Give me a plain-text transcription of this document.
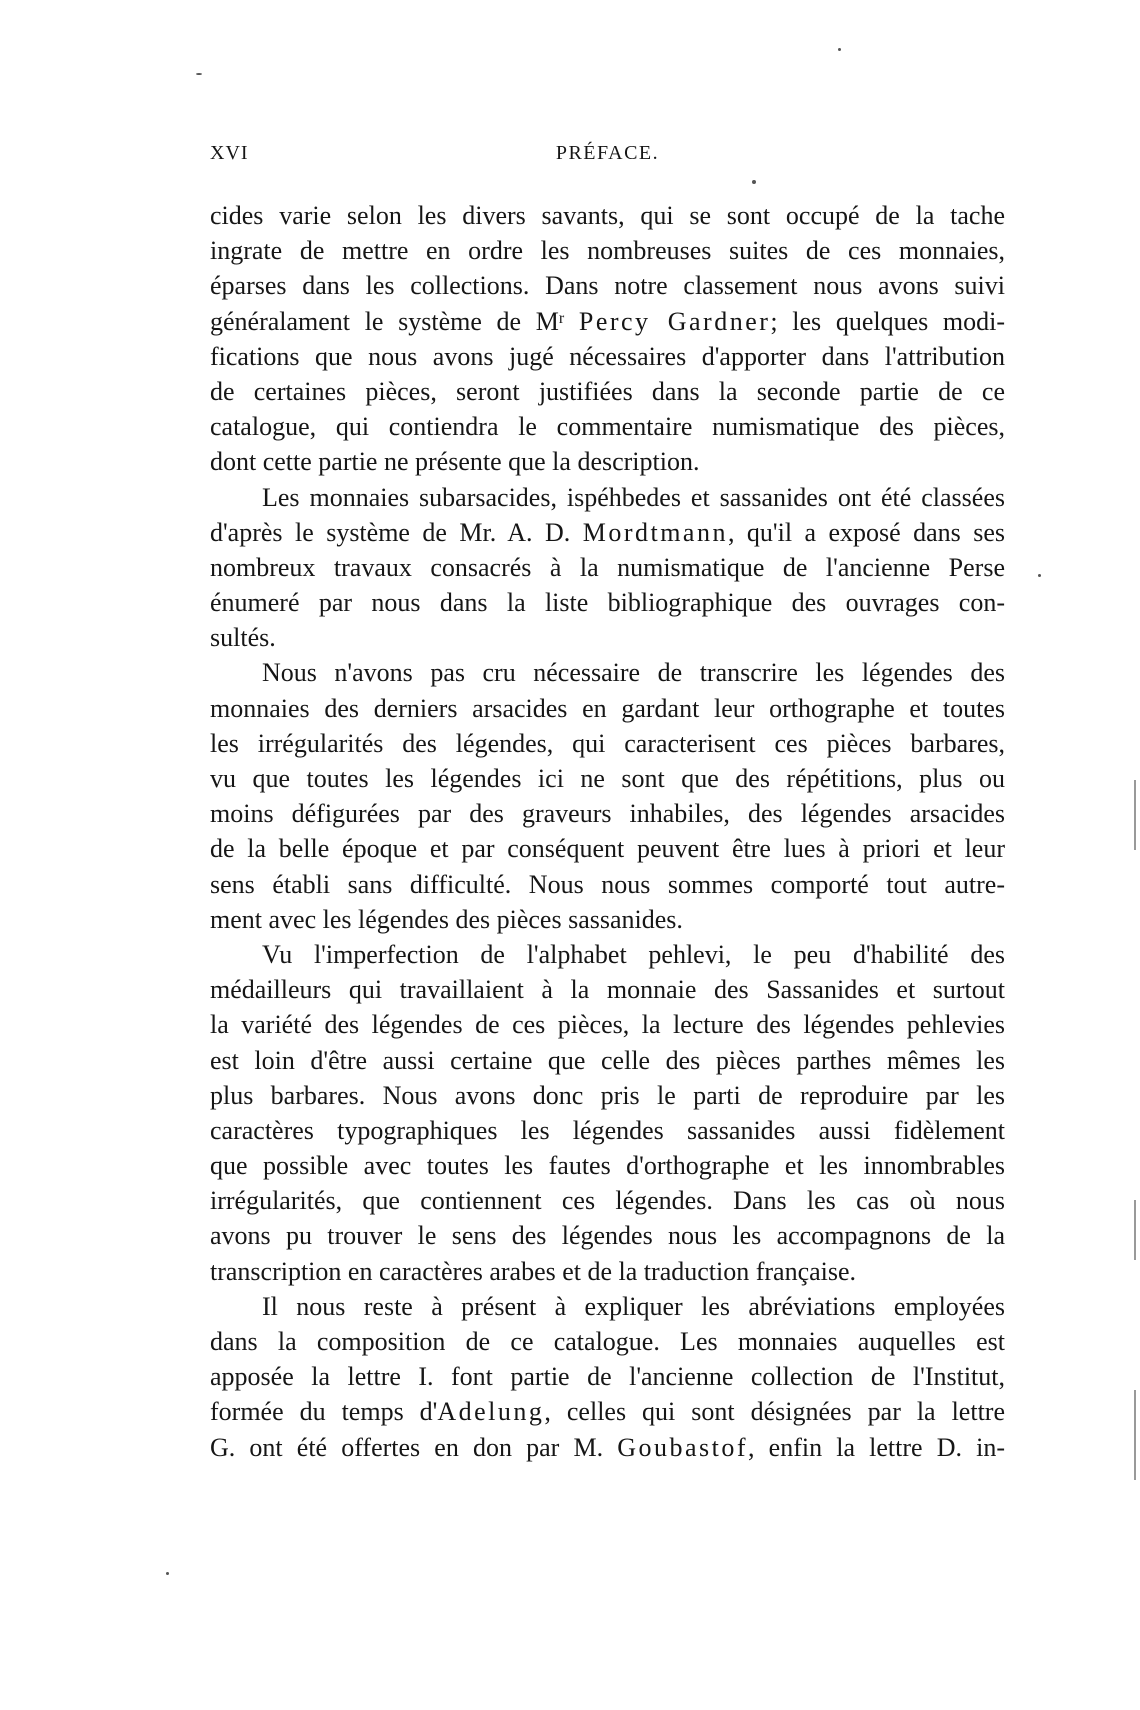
XVI	PRÉFACE.
cides varie selon les divers savants, qui se sont occupé de la tache
ingrate de mettre en ordre les nombreuses suites de ces monnaies,
éparses dans les collections. Dans notre classement nous avons suivi
généralament le système de $M^r$ Percy Gardner; les quelques modi-
fications que nous avons jugé nécessaires d'apporter dans l'attribution
de certaines pièces, seront justifiées dans la seconde partie de ce
catalogue, qui contiendra le commentaire numismatique des pièces,
dont cette partie ne présente que la description.
Les monnaies subarsacides, ispéhbedes et sassanides ont été classées
d'après le système de Mr. A. D. Mordtmann, qu'il a exposé dans ses
nombreux travaux consacrés à la numismatique de l'ancienne Perse
énumeré par nous dans la liste bibliographique des ouvrages con-
sultés.
Nous n'avons pas cru nécessaire de transcrire les légendes des
monnaies des derniers arsacides en gardant leur orthographe et toutes
les irrégularités des légendes, qui caracterisent ces pièces barbares,
vu que toutes les légendes ici ne sont que des répétitions, plus ou
moins défigurées par des graveurs inhabiles, des légendes arsacides
de la belle époque et par conséquent peuvent être lues à priori et leur
sens établi sans difficulté. Nous nous sommes comporté tout autre-
ment avec les légendes des pièces sassanides.
Vu l'imperfection de l'alphabet pehlevi, le peu d'habilité des
médailleurs qui travaillaient à la monnaie des Sassanides et surtout
la variété des légendes de ces pièces, la lecture des légendes pehlevies
est loin d'être aussi certaine que celle des pièces parthes mêmes les
plus barbares. Nous avons donc pris le parti de reproduire par les
caractères typographiques les légendes sassanides aussi fidèlement
que possible avec toutes les fautes d'orthographe et les innombrables
irrégularités, que contiennent ces légendes. Dans les cas où nous
avons pu trouver le sens des légendes nous les accompagnons de la
transcription en caractères arabes et de la traduction française.
Il nous reste à présent à expliquer les abréviations employées
dans la composition de ce catalogue. Les monnaies auquelles est
apposée la lettre I. font partie de l'ancienne collection de l'Institut,
formée du temps d'Adelung, celles qui sont désignées par la lettre
G. ont été offertes en don par M. Goubastof, enfin la lettre D. in-
